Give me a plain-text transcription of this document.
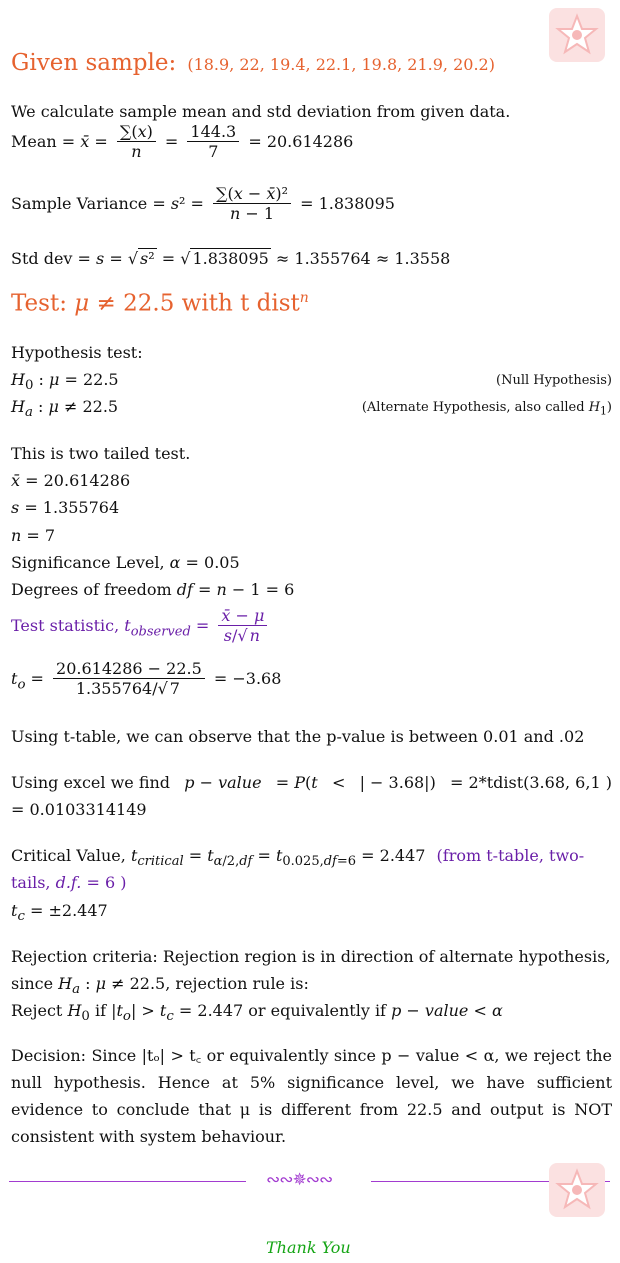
Given sample: (18.9, 22, 19.4, 22.1, 19.8, 21.9, 20.2)
We calculate sample mean and std deviation from given data.
Mean = x̄ = $\frac{\sum(x)}{n} = \frac{144.3}{7} = 20.614286$
Sample Variance = $s^2 = \frac{\text{∑(x − x̄)²}}{n - 1} = 1.838095$
Std dev = s = √ s² = √ 1.838095 ≈ 1.355764 ≈ 1.3558
Test: μ ≠ 22.5 with t dist$^n$
Hypothesis test:
$H_0$ : μ = 22.5	(Null Hypothesis)
$H_a$ : μ ≠ 22.5	(Alternate Hypothesis, also called $H_1$)
This is two tailed test.
x̄ = 20.614286
s = 1.355764
n = 7
Significance Level, α = 0.05
Degrees of freedom df = n − 1 = 6
Test statistic, $t_{observed} = \frac{x̄ - \mu}{s/√ n}$
$t_o = \frac{20.614286 - 22.5}{1.355764/√ 7} = -3.68$
Using t-table, we can observe that the p-value is between 0.01 and .02
Using excel we find p − value = P(t < | − 3.68|) = 2*tdist(3.68, 6,1 )
= 0.0103314149
Critical Value, $t_{critical} = t_{\alpha/2,df} = t_{0.025,df=6} = 2.447$ (from t-table, two-
tails, d.f. = 6 )
$t_c = \pm 2.447$
Rejection criteria: Rejection region is in direction of alternate hypothesis,
since $H_a$ : μ ≠ 22.5, rejection rule is:
Reject $H_0$ if $|t_o| > t_c = 2.447$ or equivalently if p − value < α
Decision: Since |tₒ| > t꜀ or equivalently since p − value < α, we reject the null hypothesis. Hence at 5% significance level, we have sufficient evidence to conclude that μ is different from 22.5 and output is NOT consistent with system behaviour.
∾∾✵∾∾
Thank You
